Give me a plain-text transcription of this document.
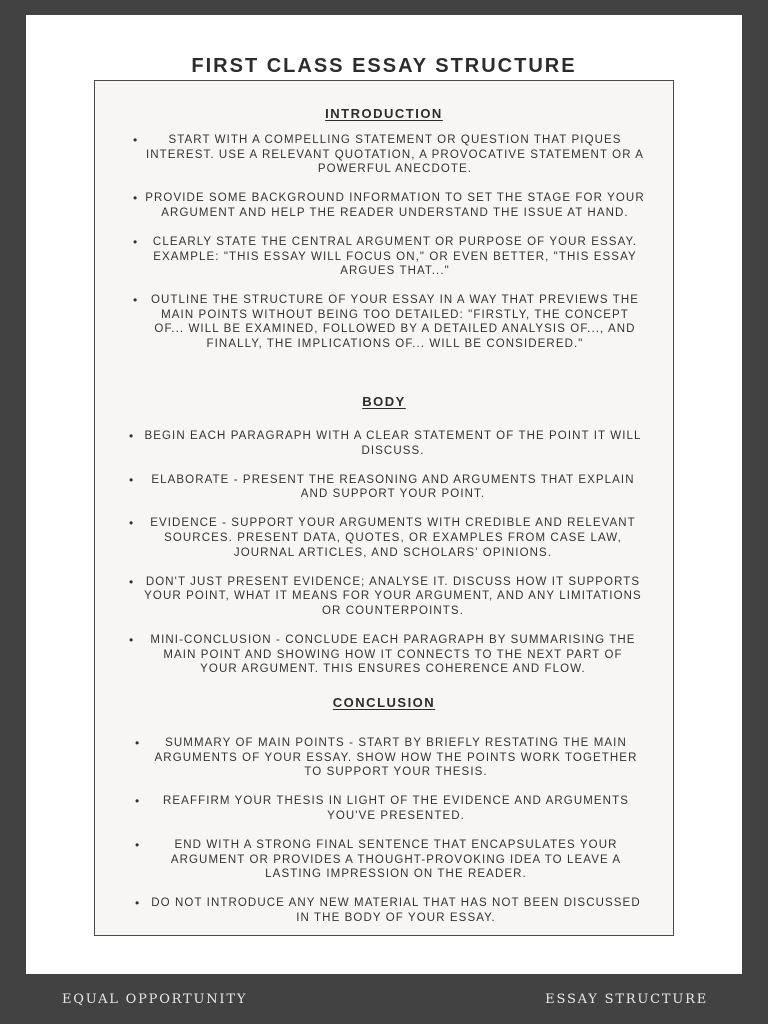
FIRST CLASS ESSAY STRUCTURE
INTRODUCTION
•	START WITH A COMPELLING STATEMENT OR QUESTION THAT PIQUES INTEREST. USE A RELEVANT QUOTATION, A PROVOCATIVE STATEMENT OR A POWERFUL ANECDOTE.
• PROVIDE SOME BACKGROUND INFORMATION TO SET THE STAGE FOR YOUR ARGUMENT AND HELP THE READER UNDERSTAND THE ISSUE AT HAND.
•	CLEARLY STATE THE CENTRAL ARGUMENT OR PURPOSE OF YOUR ESSAY. EXAMPLE: "THIS ESSAY WILL FOCUS ON," OR EVEN BETTER, "THIS ESSAY ARGUES THAT..."
•	OUTLINE THE STRUCTURE OF YOUR ESSAY IN A WAY THAT PREVIEWS THE MAIN POINTS WITHOUT BEING TOO DETAILED: "FIRSTLY, THE CONCEPT OF... WILL BE EXAMINED, FOLLOWED BY A DETAILED ANALYSIS OF..., AND FINALLY, THE IMPLICATIONS OF... WILL BE CONSIDERED."
BODY
• BEGIN EACH PARAGRAPH WITH A CLEAR STATEMENT OF THE POINT IT WILL DISCUSS.
•	ELABORATE - PRESENT THE REASONING AND ARGUMENTS THAT EXPLAIN AND SUPPORT YOUR POINT.
•	EVIDENCE - SUPPORT YOUR ARGUMENTS WITH CREDIBLE AND RELEVANT SOURCES. PRESENT DATA, QUOTES, OR EXAMPLES FROM CASE LAW, JOURNAL ARTICLES, AND SCHOLARS' OPINIONS.
• DON'T JUST PRESENT EVIDENCE; ANALYSE IT. DISCUSS HOW IT SUPPORTS YOUR POINT, WHAT IT MEANS FOR YOUR ARGUMENT, AND ANY LIMITATIONS OR COUNTERPOINTS.
•	MINI-CONCLUSION - CONCLUDE EACH PARAGRAPH BY SUMMARISING THE MAIN POINT AND SHOWING HOW IT CONNECTS TO THE NEXT PART OF YOUR ARGUMENT. THIS ENSURES COHERENCE AND FLOW.
CONCLUSION
•	SUMMARY OF MAIN POINTS - START BY BRIEFLY RESTATING THE MAIN ARGUMENTS OF YOUR ESSAY. SHOW HOW THE POINTS WORK TOGETHER TO SUPPORT YOUR THESIS.
•	REAFFIRM YOUR THESIS IN LIGHT OF THE EVIDENCE AND ARGUMENTS YOU'VE PRESENTED.
•	END WITH A STRONG FINAL SENTENCE THAT ENCAPSULATES YOUR ARGUMENT OR PROVIDES A THOUGHT-PROVOKING IDEA TO LEAVE A LASTING IMPRESSION ON THE READER.
• DO NOT INTRODUCE ANY NEW MATERIAL THAT HAS NOT BEEN DISCUSSED IN THE BODY OF YOUR ESSAY.
EQUAL OPPORTUNITY	ESSAY STRUCTURE
